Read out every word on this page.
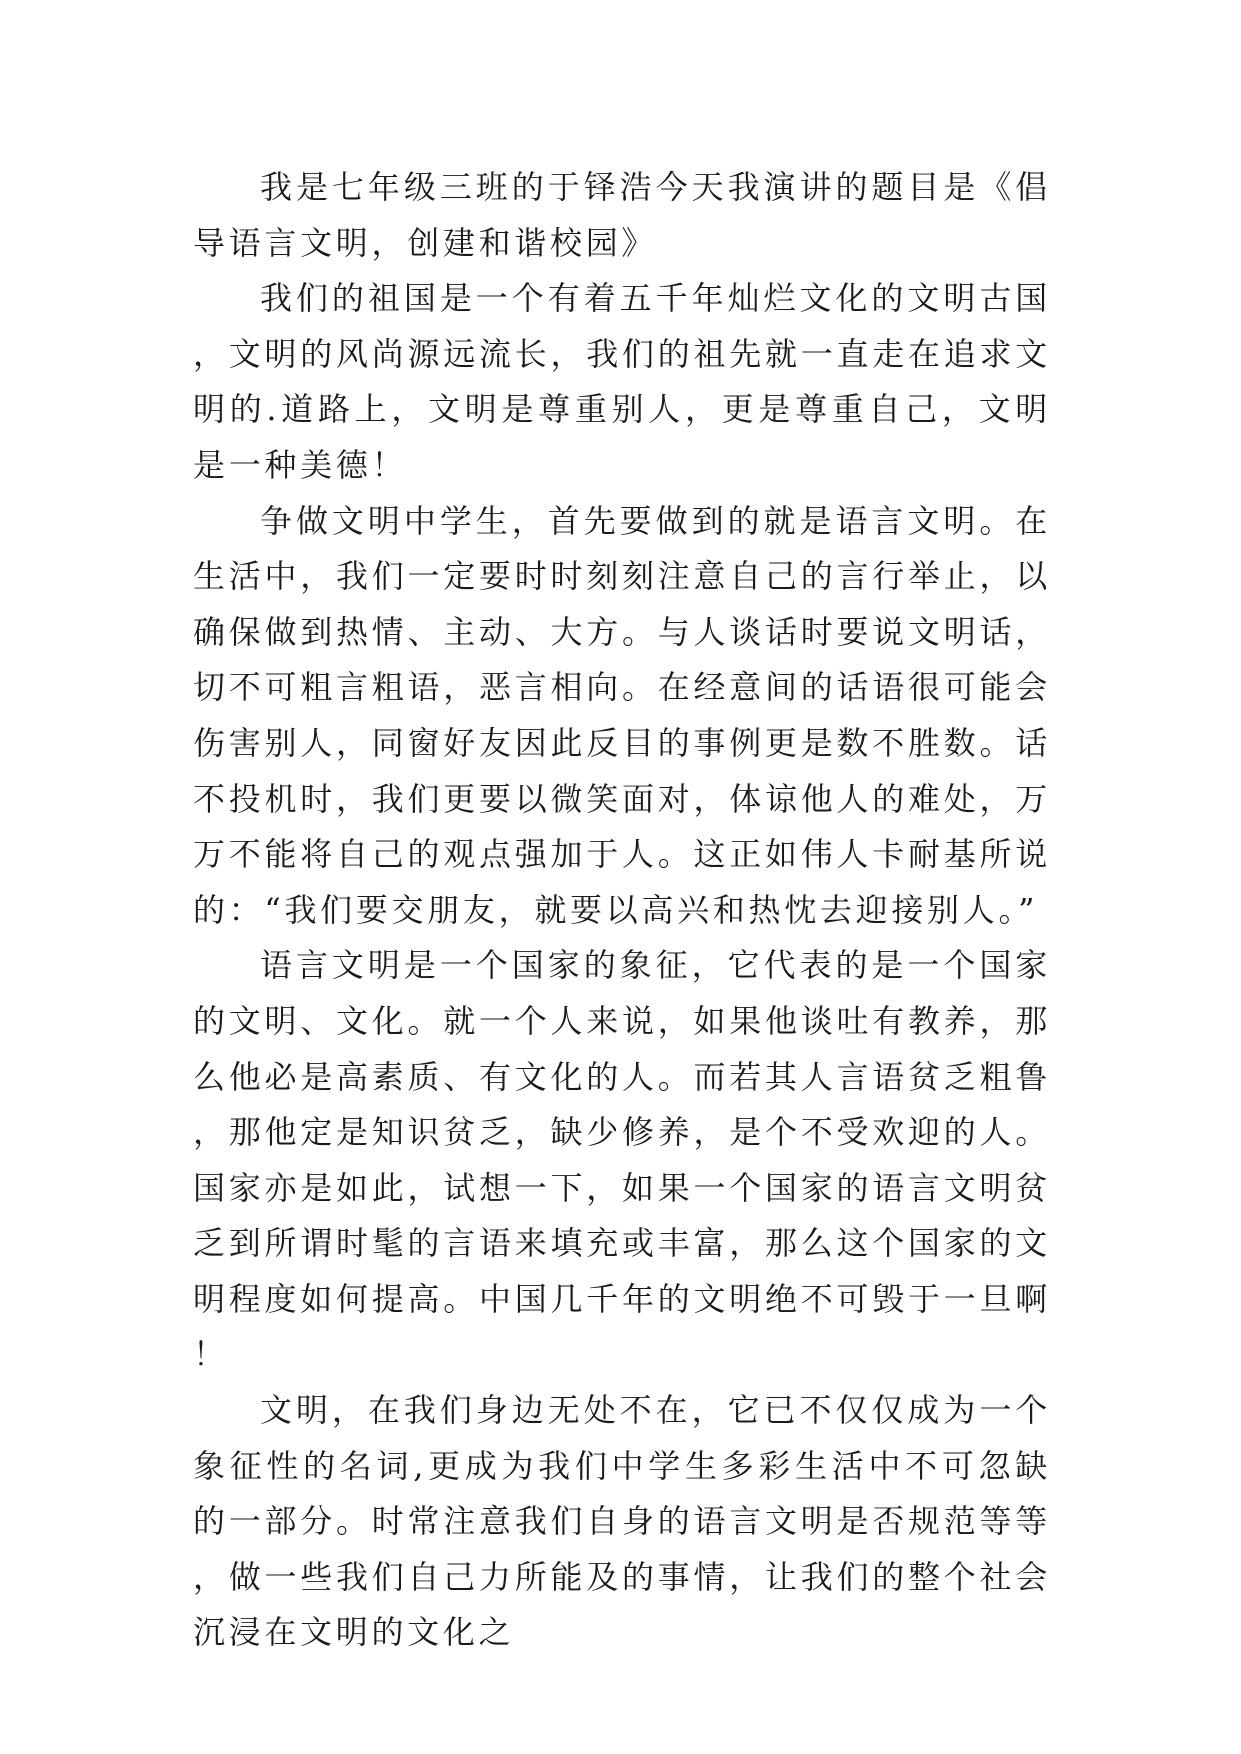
我是七年级三班的于铎浩今天我演讲的题目是《倡导语言文明，创建和谐校园》

我们的祖国是一个有着五千年灿烂文化的文明古国，文明的风尚源远流长，我们的祖先就一直走在追求文明的.道路上，文明是尊重别人，更是尊重自己，文明是一种美德！

争做文明中学生，首先要做到的就是语言文明。在生活中，我们一定要时时刻刻注意自己的言行举止，以确保做到热情、主动、大方。与人谈话时要说文明话，切不可粗言粗语，恶言相向。在经意间的话语很可能会伤害别人，同窗好友因此反目的事例更是数不胜数。话不投机时，我们更要以微笑面对，体谅他人的难处，万万不能将自己的观点强加于人。这正如伟人卡耐基所说的：“我们要交朋友，就要以高兴和热忱去迎接别人。”

语言文明是一个国家的象征，它代表的是一个国家的文明、文化。就一个人来说，如果他谈吐有教养，那么他必是高素质、有文化的人。而若其人言语贫乏粗鲁，那他定是知识贫乏，缺少修养，是个不受欢迎的人。国家亦是如此，试想一下，如果一个国家的语言文明贫乏到所谓时髦的言语来填充或丰富，那么这个国家的文明程度如何提高。中国几千年的文明绝不可毁于一旦啊！

文明，在我们身边无处不在，它已不仅仅成为一个象征性的名词,更成为我们中学生多彩生活中不可忽缺的一部分。时常注意我们自身的语言文明是否规范等等，做一些我们自己力所能及的事情，让我们的整个社会沉浸在文明的文化之
